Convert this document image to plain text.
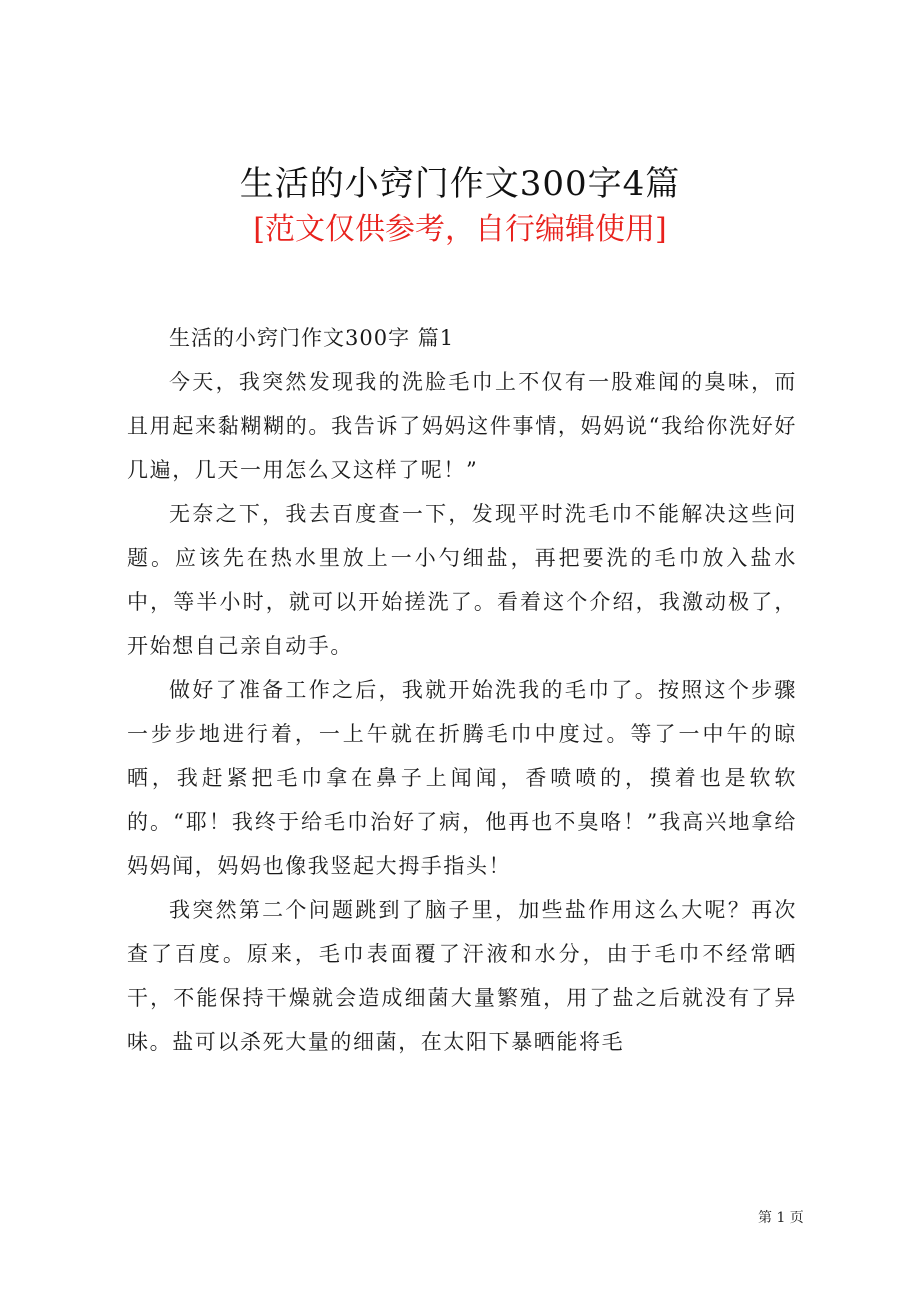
生活的小窍门作文300字4篇
[范文仅供参考，自行编辑使用]

生活的小窍门作文300字 篇1

今天，我突然发现我的洗脸毛巾上不仅有一股难闻的臭味，而且用起来黏糊糊的。我告诉了妈妈这件事情，妈妈说“我给你洗好好几遍，几天一用怎么又这样了呢！”

无奈之下，我去百度查一下，发现平时洗毛巾不能解决这些问题。应该先在热水里放上一小勺细盐，再把要洗的毛巾放入盐水中，等半小时，就可以开始搓洗了。看着这个介绍，我激动极了，开始想自己亲自动手。

做好了准备工作之后，我就开始洗我的毛巾了。按照这个步骤一步步地进行着，一上午就在折腾毛巾中度过。等了一中午的晾晒，我赶紧把毛巾拿在鼻子上闻闻，香喷喷的，摸着也是软软的。“耶！我终于给毛巾治好了病，他再也不臭咯！”我高兴地拿给妈妈闻，妈妈也像我竖起大拇手指头！

我突然第二个问题跳到了脑子里，加些盐作用这么大呢？再次查了百度。原来，毛巾表面覆了汗液和水分，由于毛巾不经常晒干，不能保持干燥就会造成细菌大量繁殖，用了盐之后就没有了异味。盐可以杀死大量的细菌，在太阳下暴晒能将毛

第 1 页
